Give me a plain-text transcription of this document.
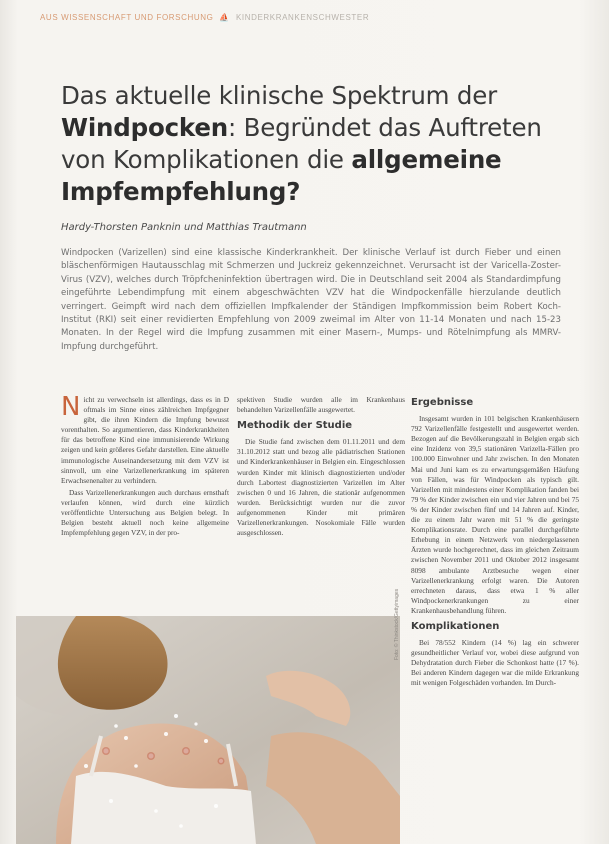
AUS WISSENSCHAFT UND FORSCHUNG ⛵ KINDERKRANKENSCHWESTER
Das aktuelle klinische Spektrum der Windpocken: Begründet das Auftreten von Komplikationen die allgemeine Impfempfehlung?
Hardy-Thorsten Panknin und Matthias Trautmann

Windpocken (Varizellen) sind eine klassische Kinderkrankheit. Der klinische Verlauf ist durch Fieber und einen bläschenförmigen Hautausschlag mit Schmerzen und Juckreiz gekennzeichnet. Verursacht ist der Varicella-Zoster-Virus (VZV), welches durch Tröpfcheninfektion übertragen wird. Die in Deutschland seit 2004 als Standardimpfung eingeführte Lebendimpfung mit einem abgeschwächten VZV hat die Windpockenfälle hierzulande deutlich verringert. Geimpft wird nach dem offiziellen Impfkalender der Ständigen Impfkommission beim Robert Koch-Institut (RKI) seit einer revidierten Empfehlung von 2009 zweimal im Alter von 11-14 Monaten und nach 15-23 Monaten. In der Regel wird die Impfung zusammen mit einer Masern-, Mumps- und Rötelnimpfung als MMRV-Impfung durchgeführt.

Nicht zu verwechseln ist allerdings, dass es in D oftmals im Sinne eines zählreichen Impfgegner gibt, die ihren Kindern die Impfung bewusst vorenthalten. So argumentieren, dass Kinderkrankheiten für das betroffene Kind eine immunisierende Wirkung zeigen und kein größeres Gefahr darstellen. Eine aktuelle immunologische Auseinandersetzung mit dem VZV ist sinnvoll, um eine Varizellenerkrankung im späteren Erwachsenenalter zu verhindern.

Dass Varizellenerkrankungen auch durchaus ernsthaft verlaufen können, wird durch eine kürzlich veröffentlichte Untersuchung aus Belgien belegt. In Belgien besteht aktuell noch keine allgemeine Impfempfehlung gegen VZV, in der pro-

spektiven Studie wurden alle im Krankenhaus behandelten Varizellenfälle ausgewertet.

Methodik der Studie

Die Studie fand zwischen dem 01.11.2011 und dem 31.10.2012 statt und bezog alle pädiatrischen Stationen und Kinderkrankenhäuser in Belgien ein. Eingeschlossen wurden Kinder mit klinisch diagnostizierten und/oder durch Labortest diagnostizierten Varizellen im Alter zwischen 0 und 16 Jahren, die stationär aufgenommen wurden. Berücksichtigt wurden nur die zuvor aufgenommenen Kinder mit primären Varizellenerkrankungen. Nosokomiale Fälle wurden ausgeschlossen.

Ergebnisse

Insgesamt wurden in 101 belgischen Krankenhäusern 792 Varizellenfälle festgestellt und ausgewertet werden. Bezogen auf die Bevölkerungszahl in Belgien ergab sich eine Inzidenz von 39,5 stationären Varizella-Fällen pro 100.000 Einwohner und Jahr zwischen. In den Monaten Mai und Juni kam es zu erwartungsgemäßen Häufung von Fällen, was für Windpocken als typisch gilt. Varizellen mit mindestens einer Komplikation fanden bei 79 % der Kinder zwischen ein und vier Jahren und bei 75 % der Kinder zwischen fünf und 14 Jahren auf. Kinder, die zu einem Jahr waren mit 51 % die geringste Komplikationsrate. Durch eine parallel durchgeführte Erhebung in einem Netzwerk von niedergelassenen Ärzten wurde hochgerechnet, dass im gleichen Zeitraum zwischen November 2011 und Oktober 2012 insgesamt 8098 ambulante Arztbesuche wegen einer Varizellenerkrankung erfolgt waren. Die Autoren errechneten daraus, dass etwa 1 % aller Windpockenerkrankungen zu einer Krankenhausbehandlung führen.

Komplikationen

Bei 78/552 Kindern (14 %) lag ein schwerer gesundheitlicher Verlauf vor, wobei diese aufgrund von Dehydratation durch Fieber die Schonkost hatte (17 %). Bei anderen Kindern dagegen war die milde Erkrankung mit wenigen Folgeschäden vorhanden. Im Durch-

Foto: © Thinkstock/Gettyimages
